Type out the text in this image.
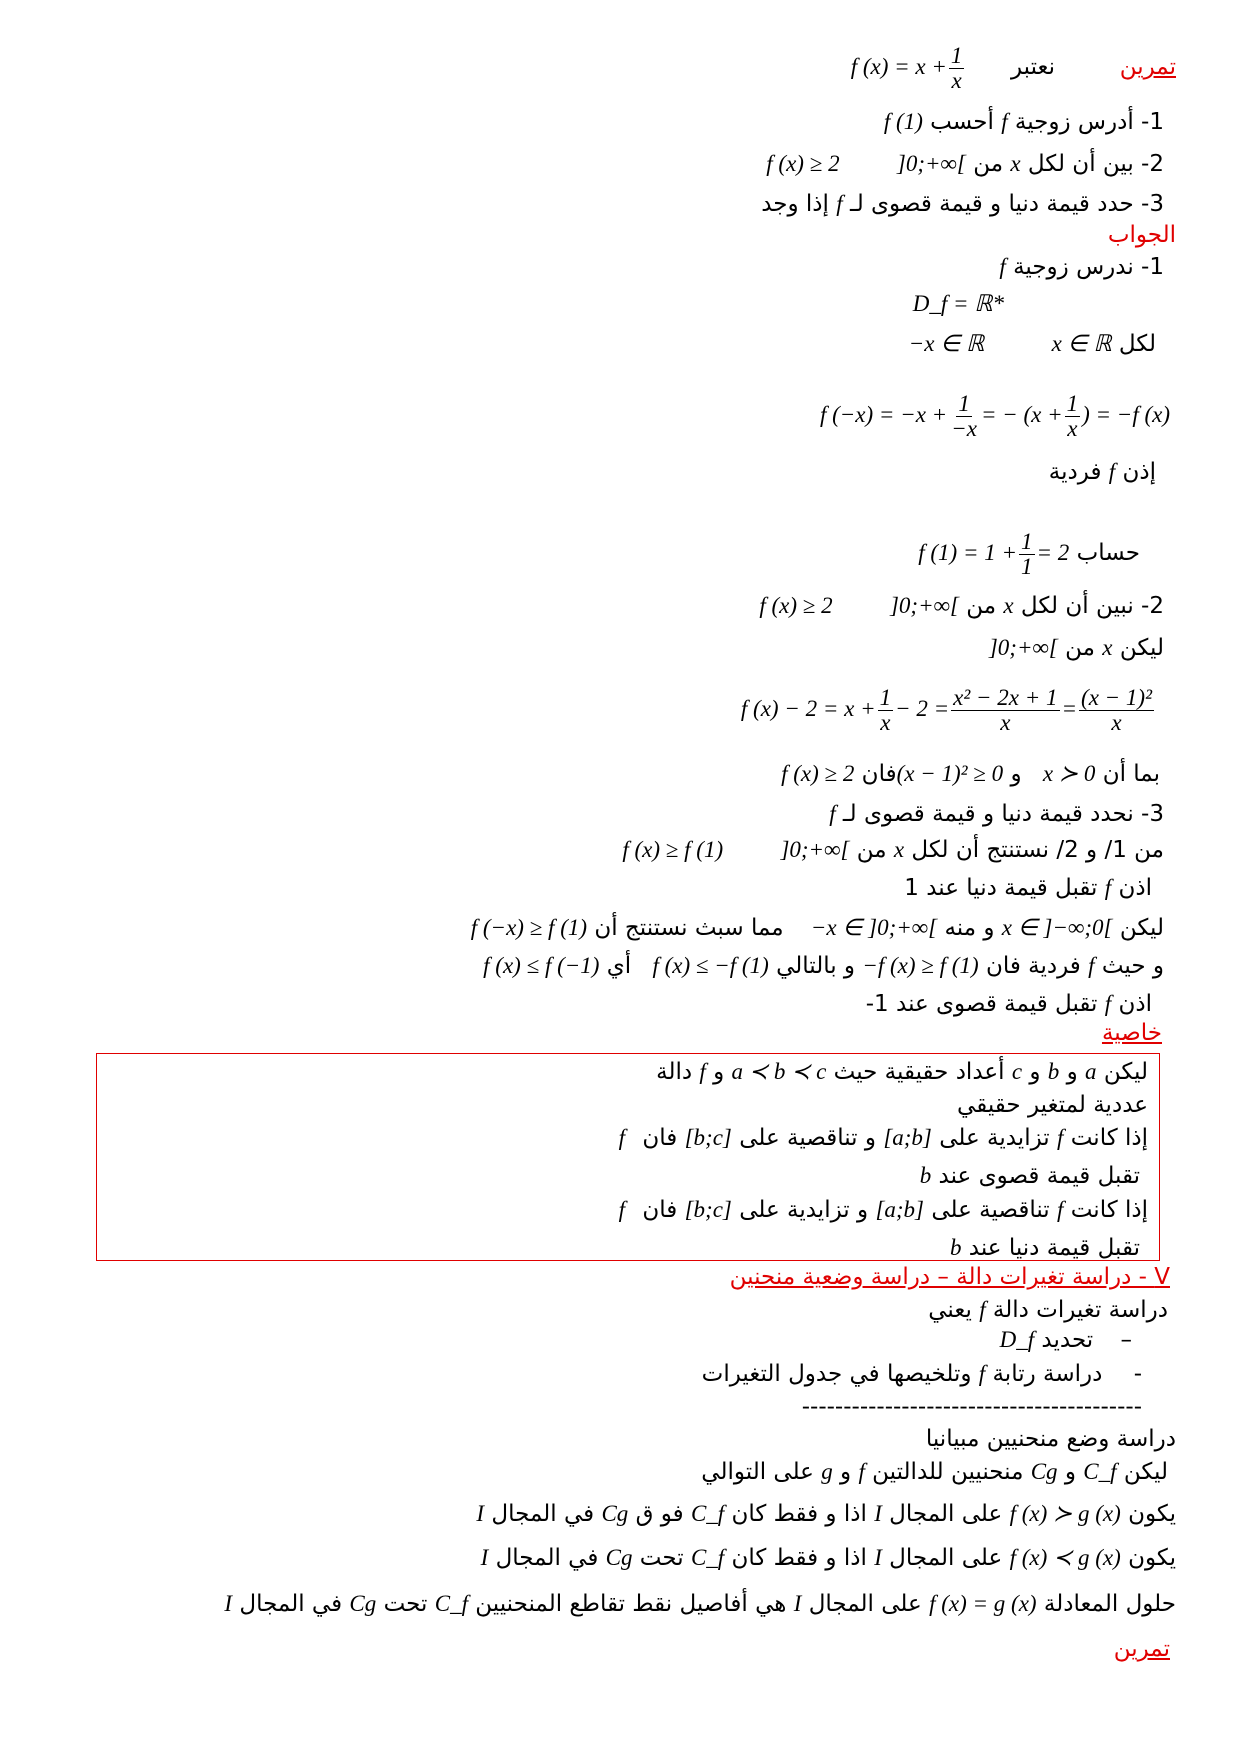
تمرين  نعتبر  f $(x) = x + \frac{1}{x}$
1- أدرس زوجية f أحسب f (1)
2- بين أن لكل x من ]0;+∞[ f (x) ≥ 2
3- حدد قيمة دنيا و قيمة قصوى لـ f إذا وجد
الجواب
1- ندرس زوجية f
D_f = ℝ*
لكل x ∈ ℝ −x ∈ ℝ
f $(-x) = -x + \frac{1}{-x}$ = − ($x + \frac{1}{x}$ ) = −f (x)
إذن f فردية
حساب f $(1) = 1 + \frac{1}{1} = 2$
2- نبين أن لكل x من ]0;+∞[ f (x) ≥ 2
ليكن x من ]0;+∞[
f $(x) - 2 = x + \frac{1}{x} - 2 = \frac{\text{x² − 2x + 1}}{x} = \frac{\text{(x − 1)²}}{x}$
بما أن x ≻ 0 و (x − 1)² ≥ 0فان f (x) ≥ 2
3- نحدد قيمة دنيا و قيمة قصوى لـ f
من 1/ و 2/ نستنتج أن لكل x من ]0;+∞[ f (x) ≥ f (1)
اذن f تقبل قيمة دنيا عند 1
ليكن x ∈ ]−∞;0[ و منه −x ∈ ]0;+∞[ مما سبث نستنتج أن f (−x) ≥ f (1)
و حيث f فردية فان −f (x) ≥ f (1) و بالتالي f (x) ≤ −f (1) أي f (x) ≤ f (−1)
اذن f تقبل قيمة قصوى عند 1-
خاصية
ليكن a و b و c أعداد حقيقية حيث a ≺ b ≺ c و f دالة
عددية لمتغير حقيقي
إذا كانت f تزايدية على [a;b] و تناقصية على [b;c] فان f
تقبل قيمة قصوى عند b
إذا كانت f تناقصية على [a;b] و تزايدية على [b;c] فان f
تقبل قيمة دنيا عند b
V - دراسة تغيرات دالة – دراسة وضعية منحنين
دراسة تغيرات دالة f يعني
– تحديد D_f
- دراسة رتابة f وتلخيصها في جدول التغيرات
-----------------------------------------
دراسة وضع منحنيين مبيانيا
ليكن C_f و Cg منحنيين للدالتين f و g على التوالي
يكون f (x) ≻ g (x) على المجال I اذا و فقط كان C_f فو ق Cg في المجال I
يكون f (x) ≺ g (x) على المجال I اذا و فقط كان C_f تحت Cg في المجال I
حلول المعادلة f (x) = g (x) على المجال I هي أفاصيل نقط تقاطع المنحنيين C_f تحت Cg في المجال I
تمرين
